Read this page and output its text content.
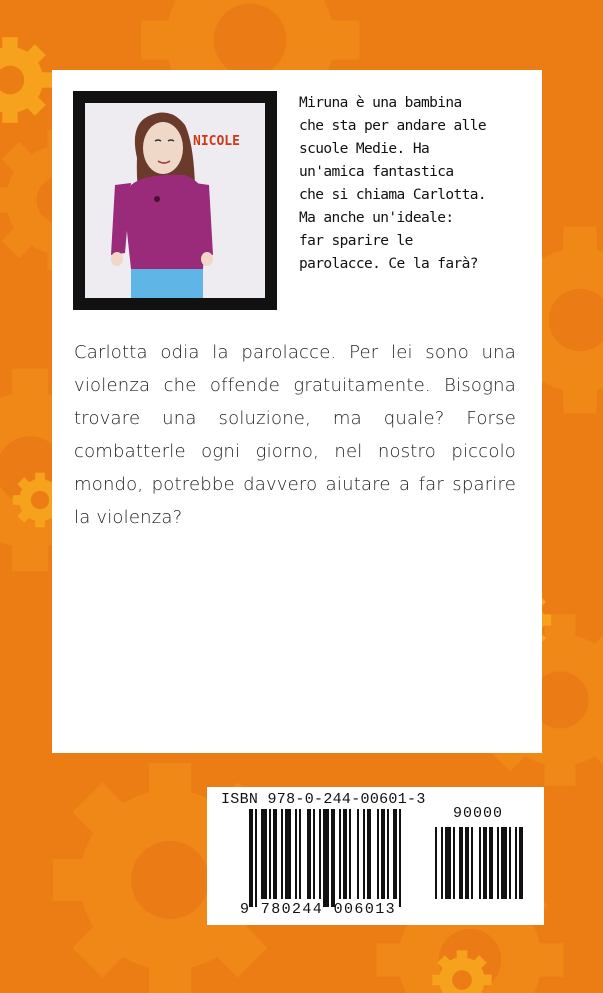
NICOLE

Miruna è una bambina
che sta per andare alle
scuole Medie. Ha
un'amica fantastica
che si chiama Carlotta.
Ma anche un'ideale:
far sparire le
parolacce. Ce la farà?

Carlotta odia la parolacce. Per lei sono una violenza che offende gratuitamente. Bisogna trovare una soluzione, ma quale? Forse combatterle ogni giorno, nel nostro piccolo mondo, potrebbe davvero aiutare a far sparire la violenza?

ISBN 978-0-244-00601-3
90000
9 780244 006013
